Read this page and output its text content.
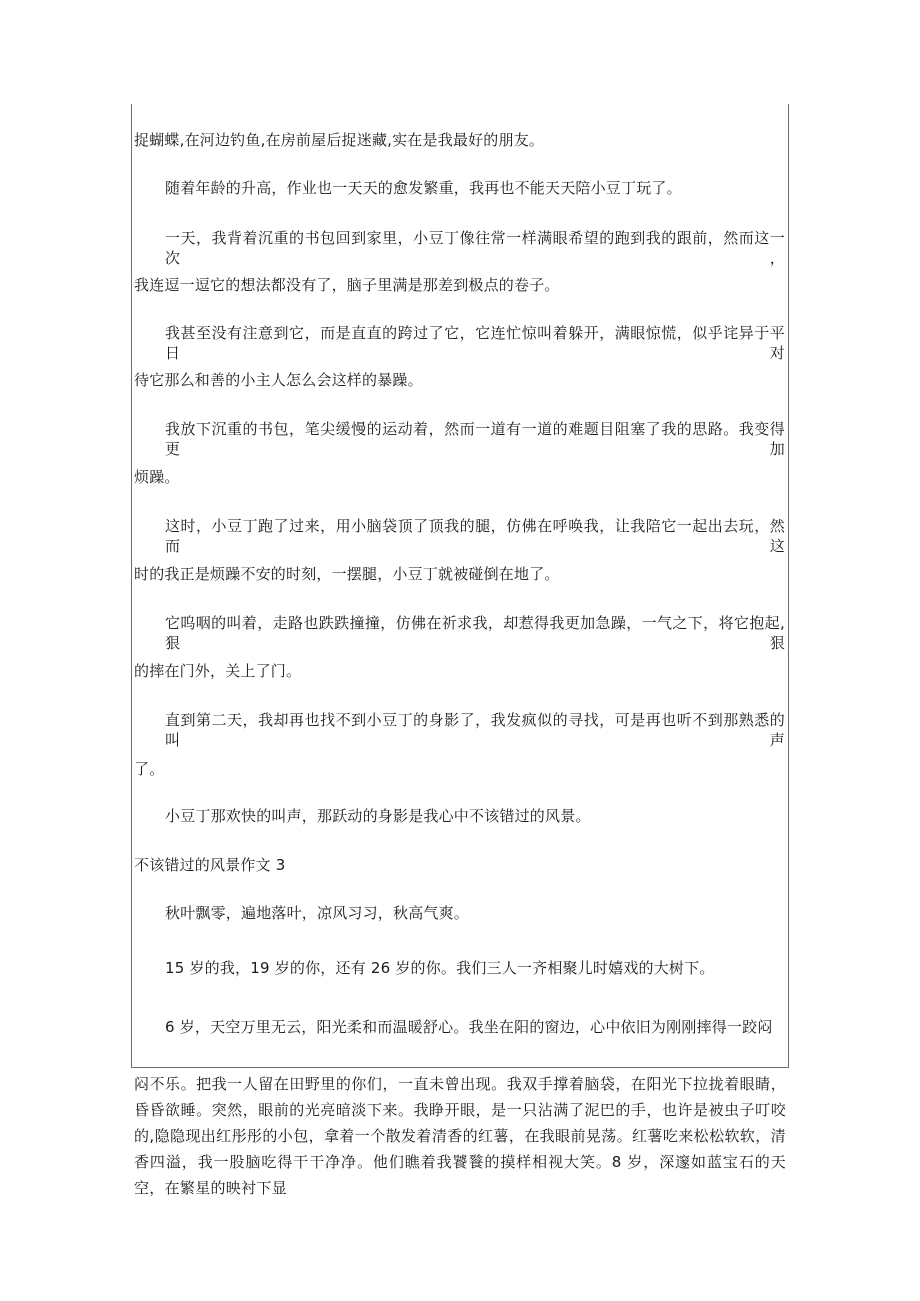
捉蝴蝶,在河边钓鱼,在房前屋后捉迷藏,实在是我最好的朋友。
随着年龄的升高，作业也一天天的愈发繁重，我再也不能天天陪小豆丁玩了。
一天，我背着沉重的书包回到家里，小豆丁像往常一样满眼希望的跑到我的跟前，然而这一次，
我连逗一逗它的想法都没有了，脑子里满是那差到极点的卷子。
我甚至没有注意到它，而是直直的跨过了它，它连忙惊叫着躲开，满眼惊慌，似乎诧异于平日对
待它那么和善的小主人怎么会这样的暴躁。
我放下沉重的书包，笔尖缓慢的运动着，然而一道有一道的难题目阻塞了我的思路。我变得更加
烦躁。
这时，小豆丁跑了过来，用小脑袋顶了顶我的腿，仿佛在呼唤我，让我陪它一起出去玩，然而这
时的我正是烦躁不安的时刻，一摆腿，小豆丁就被碰倒在地了。
它呜咽的叫着，走路也跌跌撞撞，仿佛在祈求我，却惹得我更加急躁，一气之下，将它抱起,狠狠
的摔在门外，关上了门。
直到第二天，我却再也找不到小豆丁的身影了，我发疯似的寻找，可是再也听不到那熟悉的叫声
了。
小豆丁那欢快的叫声，那跃动的身影是我心中不该错过的风景。
不该错过的风景作文 3
秋叶飘零，遍地落叶，凉风习习，秋高气爽。
15 岁的我，19 岁的你，还有 26 岁的你。我们三人一齐相聚儿时嬉戏的大树下。
6 岁，天空万里无云，阳光柔和而温暖舒心。我坐在阳的窗边，心中依旧为刚刚摔得一跤闷
闷不乐。把我一人留在田野里的你们，一直未曾出现。我双手撑着脑袋，在阳光下拉拢着眼睛，昏昏欲睡。突然，眼前的光亮暗淡下来。我睁开眼，是一只沾满了泥巴的手，也许是被虫子叮咬的,隐隐现出红彤彤的小包，拿着一个散发着清香的红薯，在我眼前晃荡。红薯吃来松松软软，清香四溢，我一股脑吃得干干净净。他们瞧着我饕餮的摸样相视大笑。8 岁，深邃如蓝宝石的天空，在繁星的映衬下显
